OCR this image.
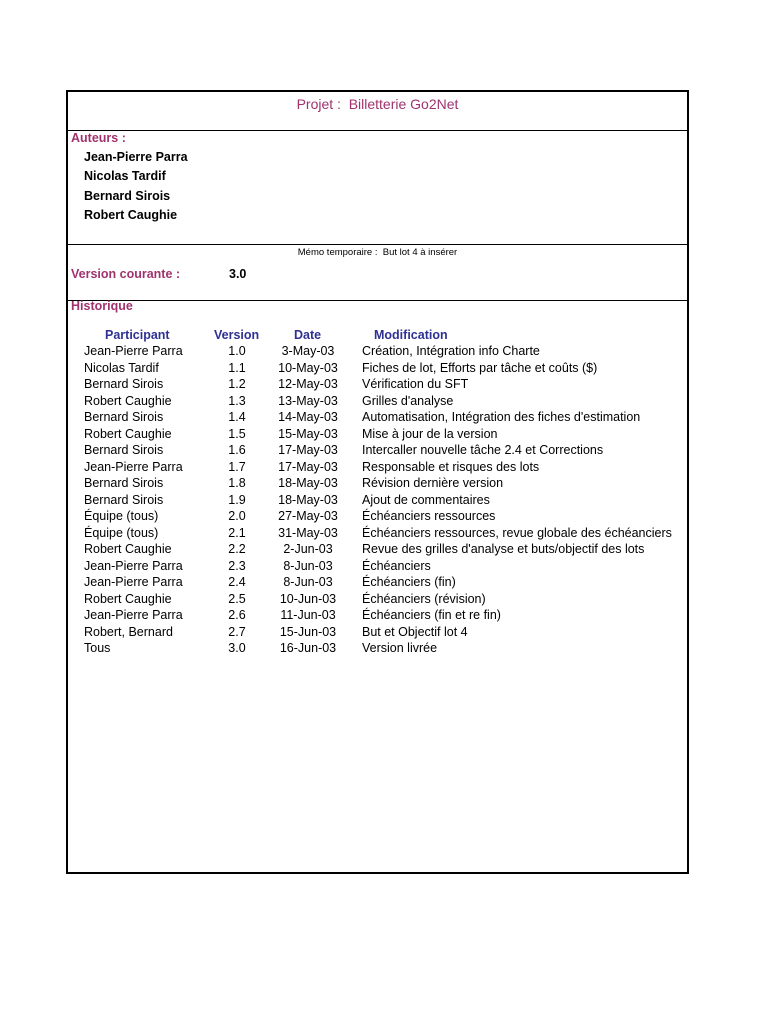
Projet :  Billetterie Go2Net
Auteurs :
Jean-Pierre Parra
Nicolas Tardif
Bernard Sirois
Robert Caughie
Mémo temporaire :  But lot 4 à insérer
Version courante :	3.0
Historique
Participant	Version	Date	Modification
Jean-Pierre Parra	1.0	3-May-03	Création, Intégration info Charte
Nicolas Tardif	1.1	10-May-03	Fiches de lot, Efforts par tâche et coûts ($)
Bernard Sirois	1.2	12-May-03	Vérification du SFT
Robert Caughie	1.3	13-May-03	Grilles d'analyse
Bernard Sirois	1.4	14-May-03	Automatisation, Intégration des fiches d'estimation
Robert Caughie	1.5	15-May-03	Mise à jour de la version
Bernard Sirois	1.6	17-May-03	Intercaller nouvelle tâche 2.4 et Corrections
Jean-Pierre Parra	1.7	17-May-03	Responsable et risques des lots
Bernard Sirois	1.8	18-May-03	Révision dernière version
Bernard Sirois	1.9	18-May-03	Ajout de commentaires
Équipe (tous)	2.0	27-May-03	Échéanciers ressources
Équipe (tous)	2.1	31-May-03	Échéanciers ressources, revue globale des échéanciers
Robert Caughie	2.2	2-Jun-03	Revue des grilles d'analyse et buts/objectif des lots
Jean-Pierre Parra	2.3	8-Jun-03	Échéanciers
Jean-Pierre Parra	2.4	8-Jun-03	Échéanciers (fin)
Robert Caughie	2.5	10-Jun-03	Échéanciers (révision)
Jean-Pierre Parra	2.6	11-Jun-03	Échéanciers (fin et re fin)
Robert, Bernard	2.7	15-Jun-03	But et Objectif lot 4
Tous	3.0	16-Jun-03	Version livrée
